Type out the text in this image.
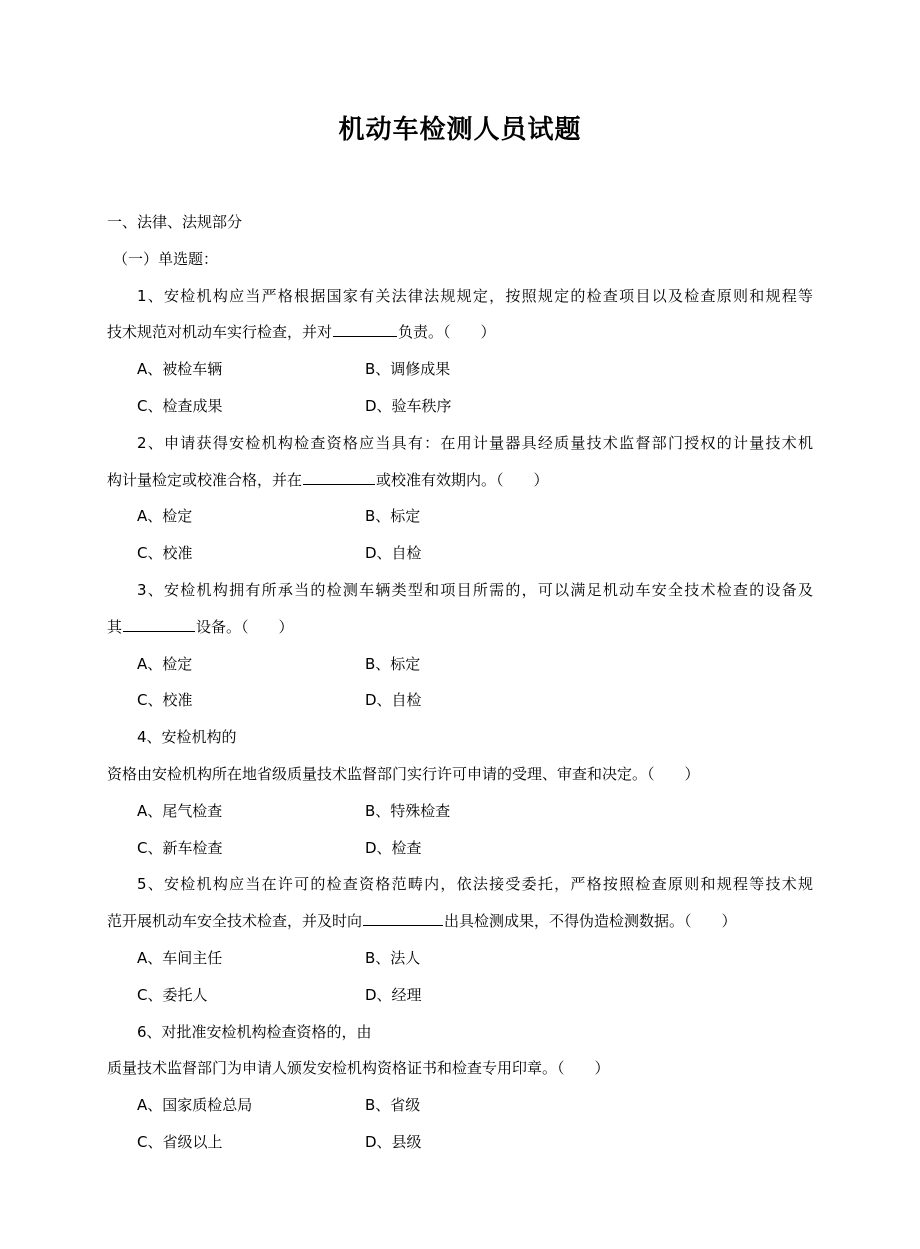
机动车检测人员试题
一、法律、法规部分
（一）单选题：
1、安检机构应当严格根据国家有关法律法规规定，按照规定的检查项目以及检查原则和规程等
技术规范对机动车实行检查，并对	负责。（　　）
A、被检车辆	B、调修成果
C、检查成果	D、验车秩序
2、申请获得安检机构检查资格应当具有：在用计量器具经质量技术监督部门授权的计量技术机
构计量检定或校准合格，并在	或校准有效期内。（　　）
A、检定	B、标定
C、校准	D、自检
3、安检机构拥有所承当的检测车辆类型和项目所需的，可以满足机动车安全技术检查的设备及
其	设备。（　　）
A、检定	B、标定
C、校准	D、自检
4、安检机构的
资格由安检机构所在地省级质量技术监督部门实行许可申请的受理、审查和决定。（　　）
A、尾气检查	B、特殊检查
C、新车检查	D、检查
5、安检机构应当在许可的检查资格范畴内，依法接受委托，严格按照检查原则和规程等技术规
范开展机动车安全技术检查，并及时向	出具检测成果，不得伪造检测数据。（　　）
A、车间主任	B、法人
C、委托人	D、经理
6、对批准安检机构检查资格的，由
质量技术监督部门为申请人颁发安检机构资格证书和检查专用印章。（　　）
A、国家质检总局	B、省级
C、省级以上	D、县级
